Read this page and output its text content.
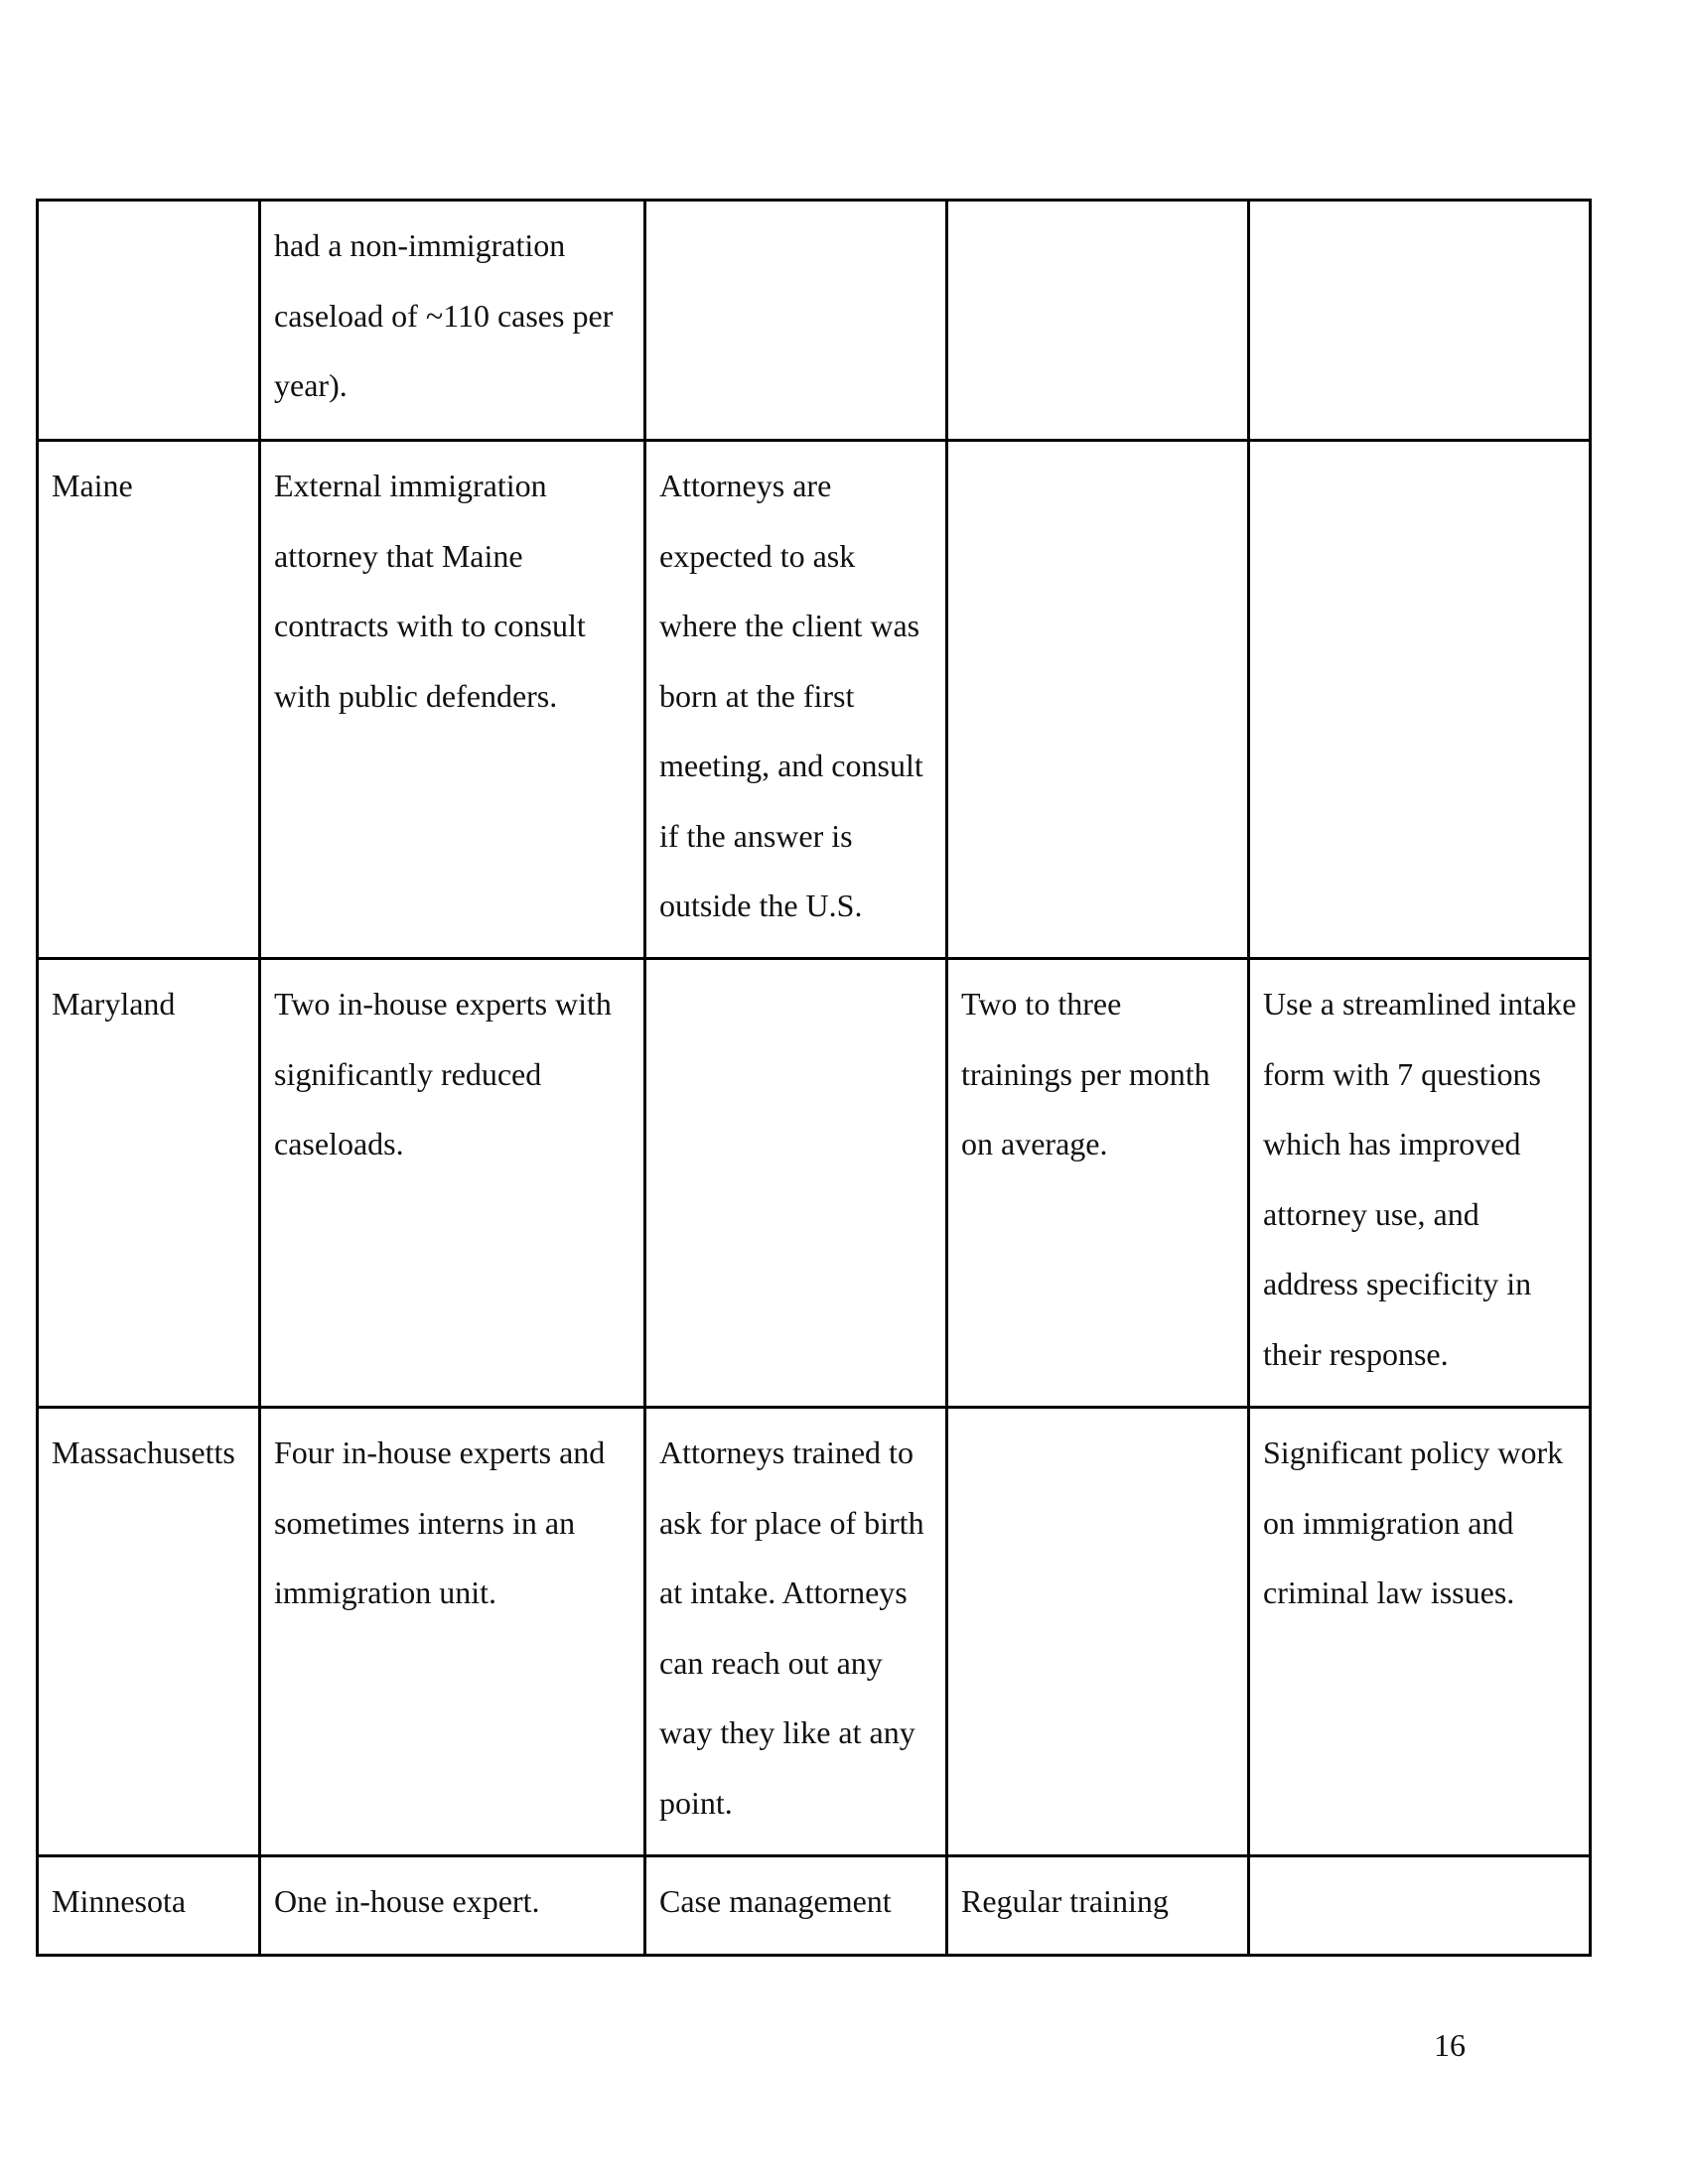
	had a non-immigration caseload of ~110 cases per year).			
Maine	External immigration attorney that Maine contracts with to consult with public defenders.	Attorneys are expected to ask where the client was born at the first meeting, and consult if the answer is outside the U.S.		
Maryland	Two in-house experts with significantly reduced caseloads.		Two to three trainings per month on average.	Use a streamlined intake form with 7 questions which has improved attorney use, and address specificity in their response.
Massachusetts	Four in-house experts and sometimes interns in an immigration unit.	Attorneys trained to ask for place of birth at intake. Attorneys can reach out any way they like at any point.		Significant policy work on immigration and criminal law issues.
Minnesota	One in-house expert.	Case management	Regular training	
16
